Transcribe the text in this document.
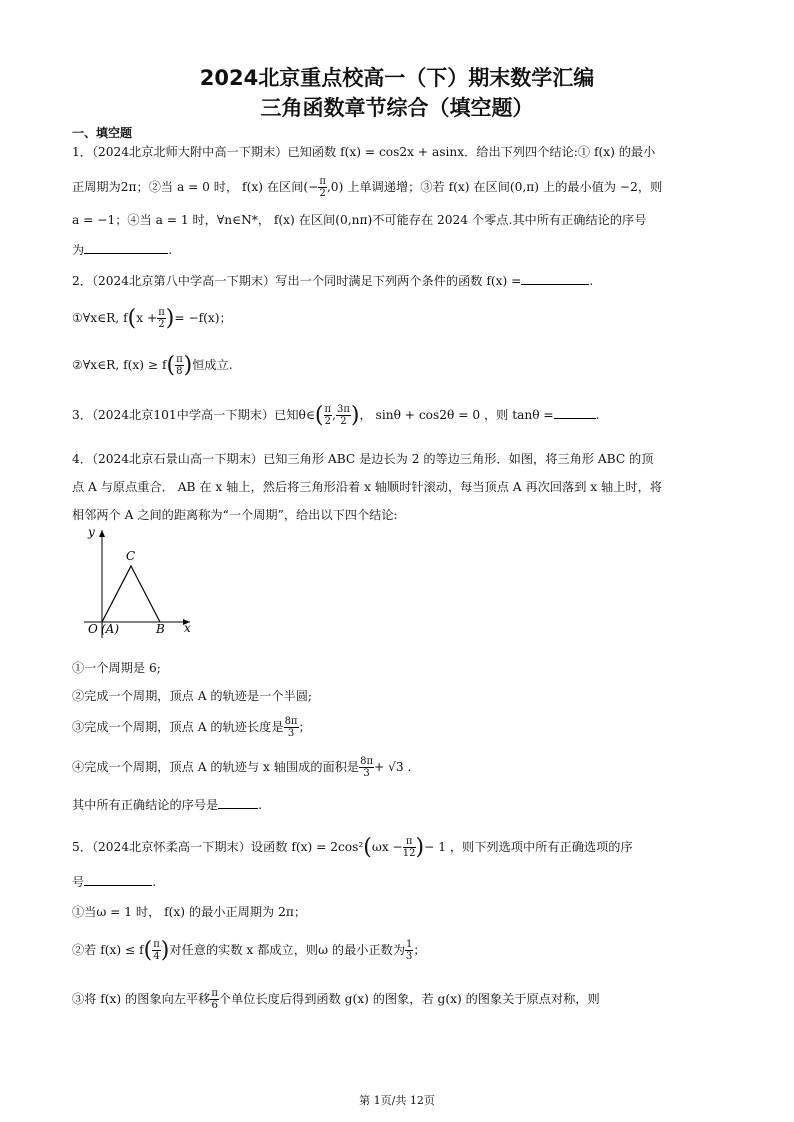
2024北京重点校高一（下）期末数学汇编
三角函数章节综合（填空题）
一、填空题
1．（2024北京北师大附中高一下期末）已知函数 f(x) = cos2x + asinx．给出下列四个结论:① f(x) 的最小
正周期为2π；②当 a = 0 时， f(x) 在区间(− $\frac{\pi}{2} ,0$) 上单调递增；③若 f(x) 在区间(0,π) 上的最小值为 −2，则
a = −1；④当 a = 1 时，∀n∈N*， f(x) 在区间(0,nπ)不可能存在 2024 个零点.其中所有正确结论的序号
为	.
2．（2024北京第八中学高一下期末）写出一个同时满足下列两个条件的函数 f(x) =	.
①∀x∈R, $f(x + \frac{\pi}{2}$ )= −f(x)；
②∀x∈R, $f(x) \ge f( \frac{\pi}{8}$ )恒成立.
3．（2024北京101中学高一下期末）已知θ∈( $\frac{\pi}{2}$ , $\frac{3\pi}{2}$ )， sinθ + cos2θ = 0 ，则 tanθ =	.
4．（2024北京石景山高一下期末）已知三角形 ABC 是边长为 2 的等边三角形．如图，将三角形 ABC 的顶
点 A 与原点重合． AB 在 x 轴上，然后将三角形沿着 x 轴顺时针滚动，每当顶点 A 再次回落到 x 轴上时，将
相邻两个 A 之间的距离称为“一个周期”，给出以下四个结论:
y
C
O (A)	B x
①一个周期是 6;
②完成一个周期，顶点 A 的轨迹是一个半圆;
③完成一个周期，顶点 A 的轨迹长度是 $\frac{8\pi}{3}$ ；
④完成一个周期，顶点 A 的轨迹与 x 轴围成的面积是 $\frac{8\pi}{3} + √3$ .
其中所有正确结论的序号是	.
5．（2024北京怀柔高一下期末）设函数 $f(x) = 2\cos^2(\omega x - \frac{\pi}{12}$ )− 1 ，则下列选项中所有正确选项的序
号	.
①当ω = 1 时， f(x) 的最小正周期为 2π；
②若 $f(x) \le f( \frac{\pi}{4}$ )对任意的实数 x 都成立，则ω 的最小正数为 $\frac{1}{3}$ ；
③将 f(x) 的图象向左平移 $\frac{\pi}{6}$ 个单位长度后得到函数 g(x) 的图象，若 g(x) 的图象关于原点对称，则
第 1页/共 12页
